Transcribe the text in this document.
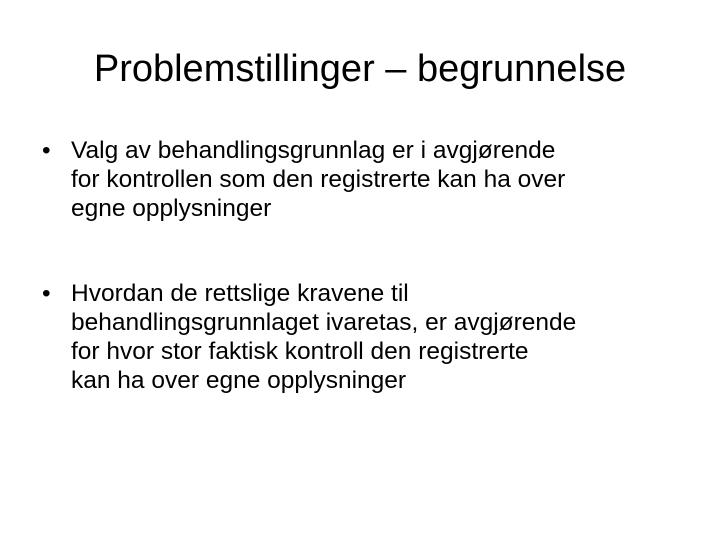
Problemstillinger – begrunnelse
• Valg av behandlingsgrunnlag er i avgjørende
for kontrollen som den registrerte kan ha over
egne opplysninger
• Hvordan de rettslige kravene til
behandlingsgrunnlaget ivaretas, er avgjørende
for hvor stor faktisk kontroll den registrerte
kan ha over egne opplysninger
